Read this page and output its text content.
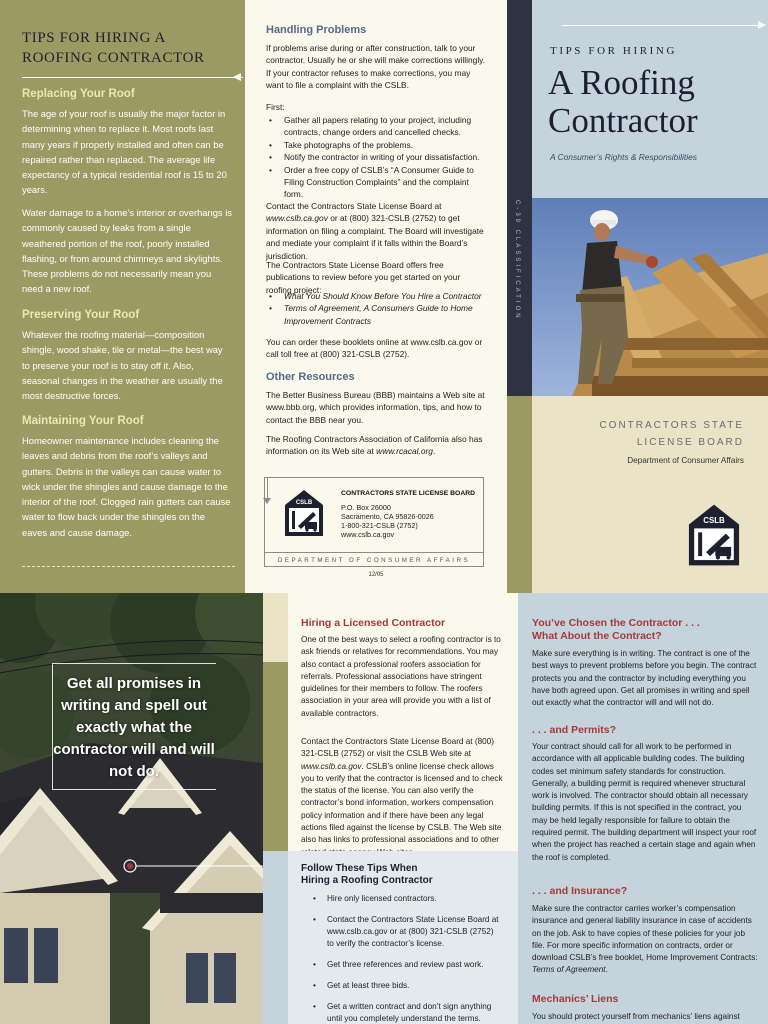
TIPS FOR HIRING A ROOFING CONTRACTOR
Replacing Your Roof
The age of your roof is usually the major factor in determining when to replace it. Most roofs last many years if properly installed and often can be repaired rather than replaced. The average life expectancy of a typical residential roof is 15 to 20 years.
Water damage to a home’s interior or overhangs is commonly caused by leaks from a single weathered portion of the roof, poorly installed flashing, or from around chimneys and skylights. These problems do not necessarily mean you need a new roof.
Preserving Your Roof
Whatever the roofing material—composition shingle, wood shake, tile or metal—the best way to preserve your roof is to stay off it. Also, seasonal changes in the weather are usually the most destructive forces.
Maintaining Your Roof
Homeowner maintenance includes cleaning the leaves and debris from the roof’s valleys and gutters. Debris in the valleys can cause water to wick under the shingles and cause damage to the interior of the roof. Clogged rain gutters can cause water to flow back under the shingles on the eaves and cause damage.
Handling Problems
If problems arise during or after construction, talk to your contractor. Usually he or she will make corrections willingly. If your contractor refuses to make corrections, you may want to file a complaint with the CSLB.
First:
• Gather all papers relating to your project, including contracts, change orders and cancelled checks.
• Take photographs of the problems.
• Notify the contractor in writing of your dissatisfaction.
• Order a free copy of CSLB’s “A Consumer Guide to Filing Construction Complaints” and the complaint form.
Contact the Contractors State License Board at www.cslb.ca.gov or at (800) 321-CSLB (2752) to get information on filing a complaint. The Board will investigate and mediate your complaint if it falls within the Board’s jurisdiction.
The Contractors State License Board offers free publications to review before you get started on your roofing project:
• What You Should Know Before You Hire a Contractor
• Terms of Agreement, A Consumers Guide to Home Improvement Contracts
You can order these booklets online at www.cslb.ca.gov or call toll free at (800) 321-CSLB (2752).
Other Resources
The Better Business Bureau (BBB) maintains a Web site at www.bbb.org, which provides information, tips, and how to contact the BBB near you.
The Roofing Contractors Association of California also has information on its Web site at www.rcacal.org.
CSLB
CONTRACTORS STATE LICENSE BOARD
P.O. Box 26000
Sacramento, CA 95826-0026
1-800-321-CSLB (2752)
www.cslb.ca.gov
DEPARTMENT OF CONSUMER AFFAIRS
12/05
C-39 CLASSIFICATION
TIPS FOR HIRING
A Roofing
Contractor
A Consumer’s Rights & Responsibilities
CONTRACTORS STATE
LICENSE BOARD
Department of Consumer Affairs
CSLB
Get all promises in writing and spell out exactly what the contractor will and will not do.
Hiring a Licensed Contractor
One of the best ways to select a roofing contractor is to ask friends or relatives for recommendations. You may also contact a professional roofers association for referrals. Professional associations have stringent guidelines for their members to follow. The roofers association in your area will provide you with a list of available contractors.
Contact the Contractors State License Board at (800) 321-CSLB (2752) or visit the CSLB Web site at www.cslb.ca.gov. CSLB’s online license check allows you to verify that the contractor is licensed and to check the status of the license. You can also verify the contractor’s bond information, workers compensation policy information and if there have been any legal actions filed against the license by CSLB. The Web site also has links to professional associations and to other
Follow These Tips When
Hiring a Roofing Contractor
• Hire only licensed contractors.
• Contact the Contractors State License Board at www.cslb.ca.gov or at (800) 321-CSLB (2752) to verify the contractor’s license.
• Get three references and review past work.
• Get at least three bids.
• Get a written contract and don’t sign anything until you completely understand the terms.
You’ve Chosen the Contractor . . .
What About the Contract?
Make sure everything is in writing. The contract is one of the best ways to prevent problems before you begin. The contract protects you and the contractor by including everything you have both agreed upon. Get all promises in writing and spell out exactly what the contractor will and will not do.
. . . and Permits?
Your contract should call for all work to be performed in accordance with all applicable building codes. The building codes set minimum safety standards for construction. Generally, a building permit is required whenever structural work is involved. The contractor should obtain all necessary building permits. If this is not specified in the contract, you may be held legally responsible for failure to obtain the required permit. The building department will inspect your roof when the project has reached a certain stage and again when the roof is completed.
. . . and Insurance?
Make sure the contractor carries worker’s compensation insurance and general liability insurance in case of accidents on the job. Ask to have copies of these policies for your job file. For more specific information on contracts, order or download CSLB’s free booklet, Home Improvement Contracts: Terms of Agreement.
Mechanics’ Liens
You should protect yourself from mechanics’ liens against
